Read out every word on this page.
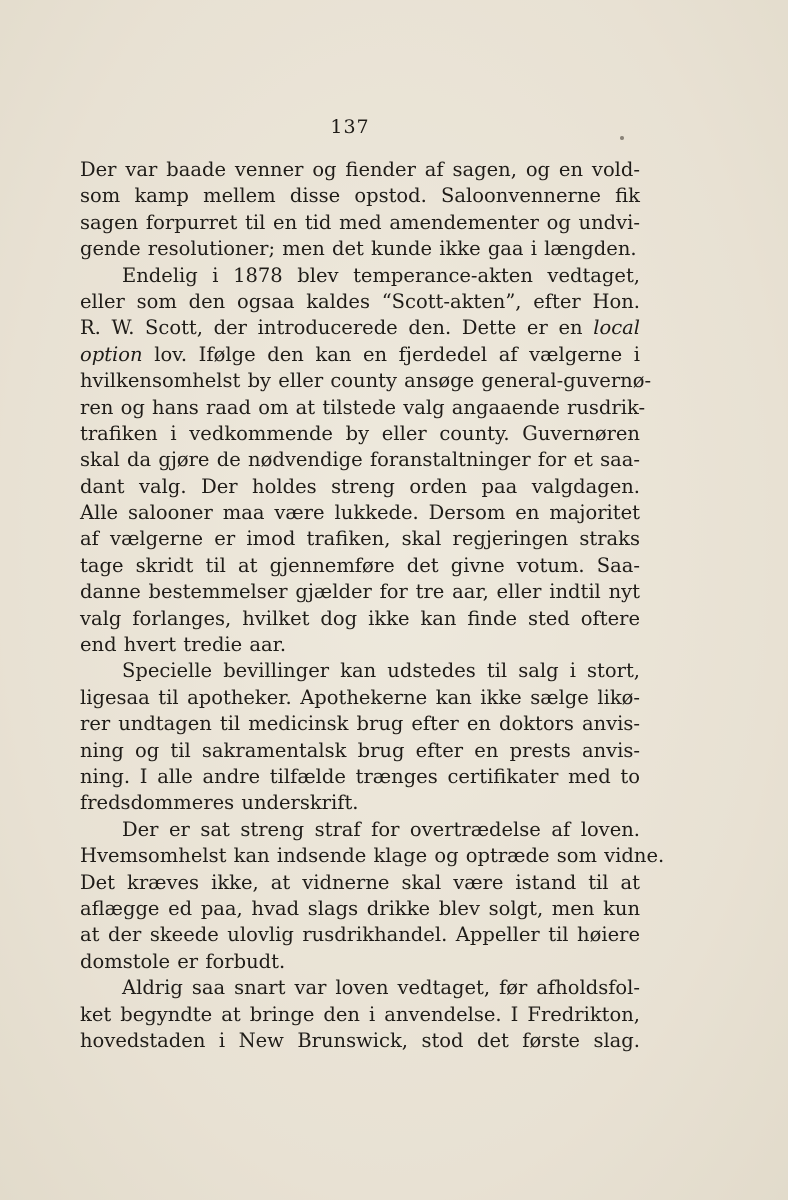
137
Der var baade venner og fiender af sagen, og en vold-
som kamp mellem disse opstod. Saloonvennerne fik
sagen forpurret til en tid med amendementer og undvi-
gende resolutioner; men det kunde ikke gaa i længden.
Endelig i 1878 blev temperance-akten vedtaget,
eller som den ogsaa kaldes “Scott-akten”, efter Hon.
R. W. Scott, der introducerede den. Dette er en local
option lov. Ifølge den kan en fjerdedel af vælgerne i
hvilkensomhelst by eller county ansøge general-guvernø-
ren og hans raad om at tilstede valg angaaende rusdrik-
trafiken i vedkommende by eller county. Guvernøren
skal da gjøre de nødvendige foranstaltninger for et saa-
dant valg. Der holdes streng orden paa valgdagen.
Alle salooner maa være lukkede. Dersom en majoritet
af vælgerne er imod trafiken, skal regjeringen straks
tage skridt til at gjennemføre det givne votum. Saa-
danne bestemmelser gjælder for tre aar, eller indtil nyt
valg forlanges, hvilket dog ikke kan finde sted oftere
end hvert tredie aar.
Specielle bevillinger kan udstedes til salg i stort,
ligesaa til apotheker. Apothekerne kan ikke sælge likø-
rer undtagen til medicinsk brug efter en doktors anvis-
ning og til sakramentalsk brug efter en prests anvis-
ning. I alle andre tilfælde trænges certifikater med to
fredsdommeres underskrift.
Der er sat streng straf for overtrædelse af loven.
Hvemsomhelst kan indsende klage og optræde som vidne.
Det kræves ikke, at vidnerne skal være istand til at
aflægge ed paa, hvad slags drikke blev solgt, men kun
at der skeede ulovlig rusdrikhandel. Appeller til høiere
domstole er forbudt.
Aldrig saa snart var loven vedtaget, før afholdsfol-
ket begyndte at bringe den i anvendelse. I Fredrikton,
hovedstaden i New Brunswick, stod det første slag.
